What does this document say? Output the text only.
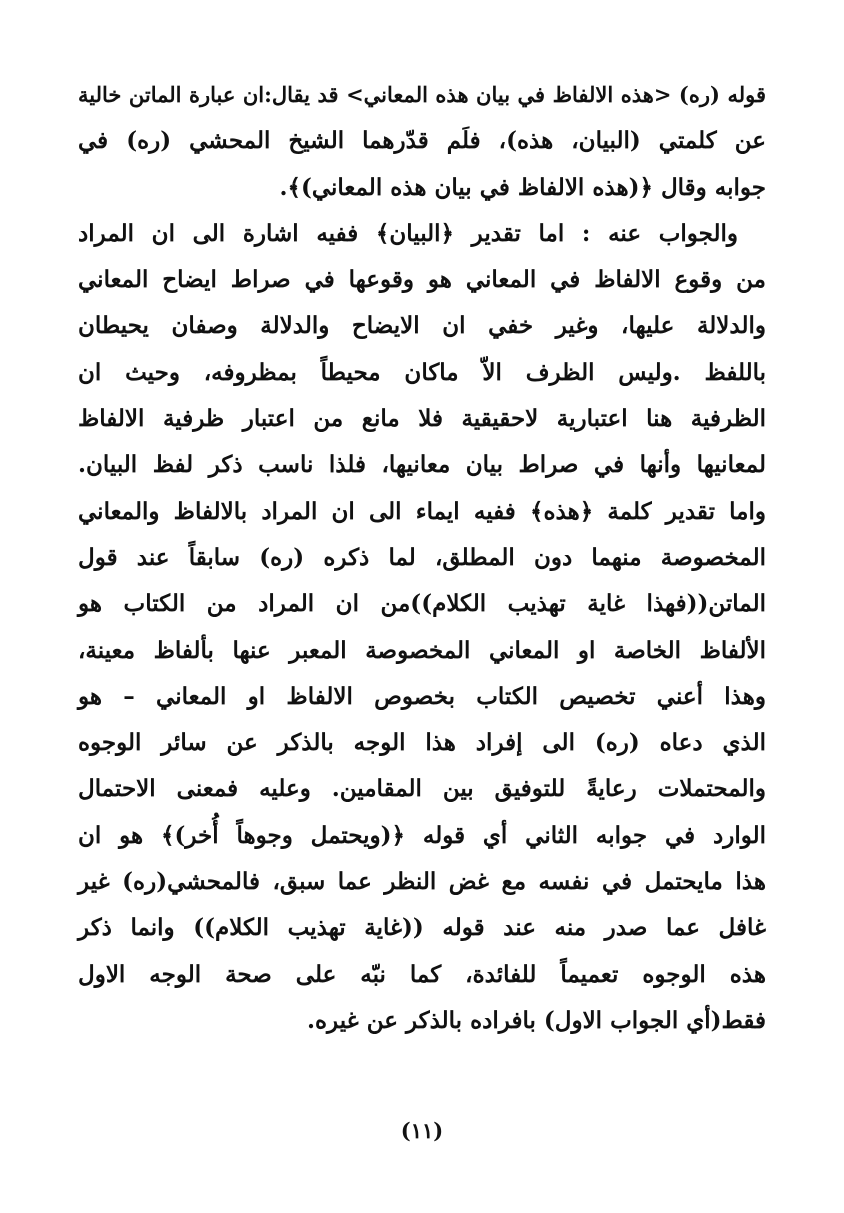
قوله (ره) <هذه الالفاظ في بيان هذه المعاني> قد يقال:ان عبارة الماتن خالية
عن كلمتي (البيان، هذه)، فلَم قدّرهما الشيخ المحشي (ره) في
جوابه وقال ﴿(هذه الالفاظ في بيان هذه المعاني)﴾.
والجواب عنه : اما تقدير ﴿البيان﴾ ففيه اشارة الى ان المراد
من وقوع الالفاظ في المعاني هو وقوعها في صراط ايضاح المعاني
والدلالة عليها، وغير خفي ان الايضاح والدلالة وصفان يحيطان
باللفظ .وليس الظرف الاّ ماكان محيطاً بمظروفه، وحيث ان
الظرفية هنا اعتبارية لاحقيقية فلا مانع من اعتبار ظرفية الالفاظ
لمعانيها وأنها في صراط بيان معانيها، فلذا ناسب ذكر لفظ البيان.
واما تقدير كلمة ﴿هذه﴾ ففيه ايماء الى ان المراد بالالفاظ والمعاني
المخصوصة منهما دون المطلق، لما ذكره (ره) سابقاً عند قول
الماتن((فهذا غاية تهذيب الكلام))من ان المراد من الكتاب هو
الألفاظ الخاصة او المعاني المخصوصة المعبر عنها بألفاظ معينة،
وهذا أعني تخصيص الكتاب بخصوص الالفاظ او المعاني – هو
الذي دعاه (ره) الى إفراد هذا الوجه بالذكر عن سائر الوجوه
والمحتملات رعايةً للتوفيق بين المقامين. وعليه فمعنى الاحتمال
الوارد في جوابه الثاني أي قوله ﴿(ويحتمل وجوهاً أُخر)﴾ هو ان
هذا مايحتمل في نفسه مع غض النظر عما سبق، فالمحشي(ره) غير
غافل عما صدر منه عند قوله ((غاية تهذيب الكلام)) وانما ذكر
هذه الوجوه تعميماً للفائدة، كما نبّه على صحة الوجه الاول
فقط(أي الجواب الاول) بافراده بالذكر عن غيره.
(١١)
